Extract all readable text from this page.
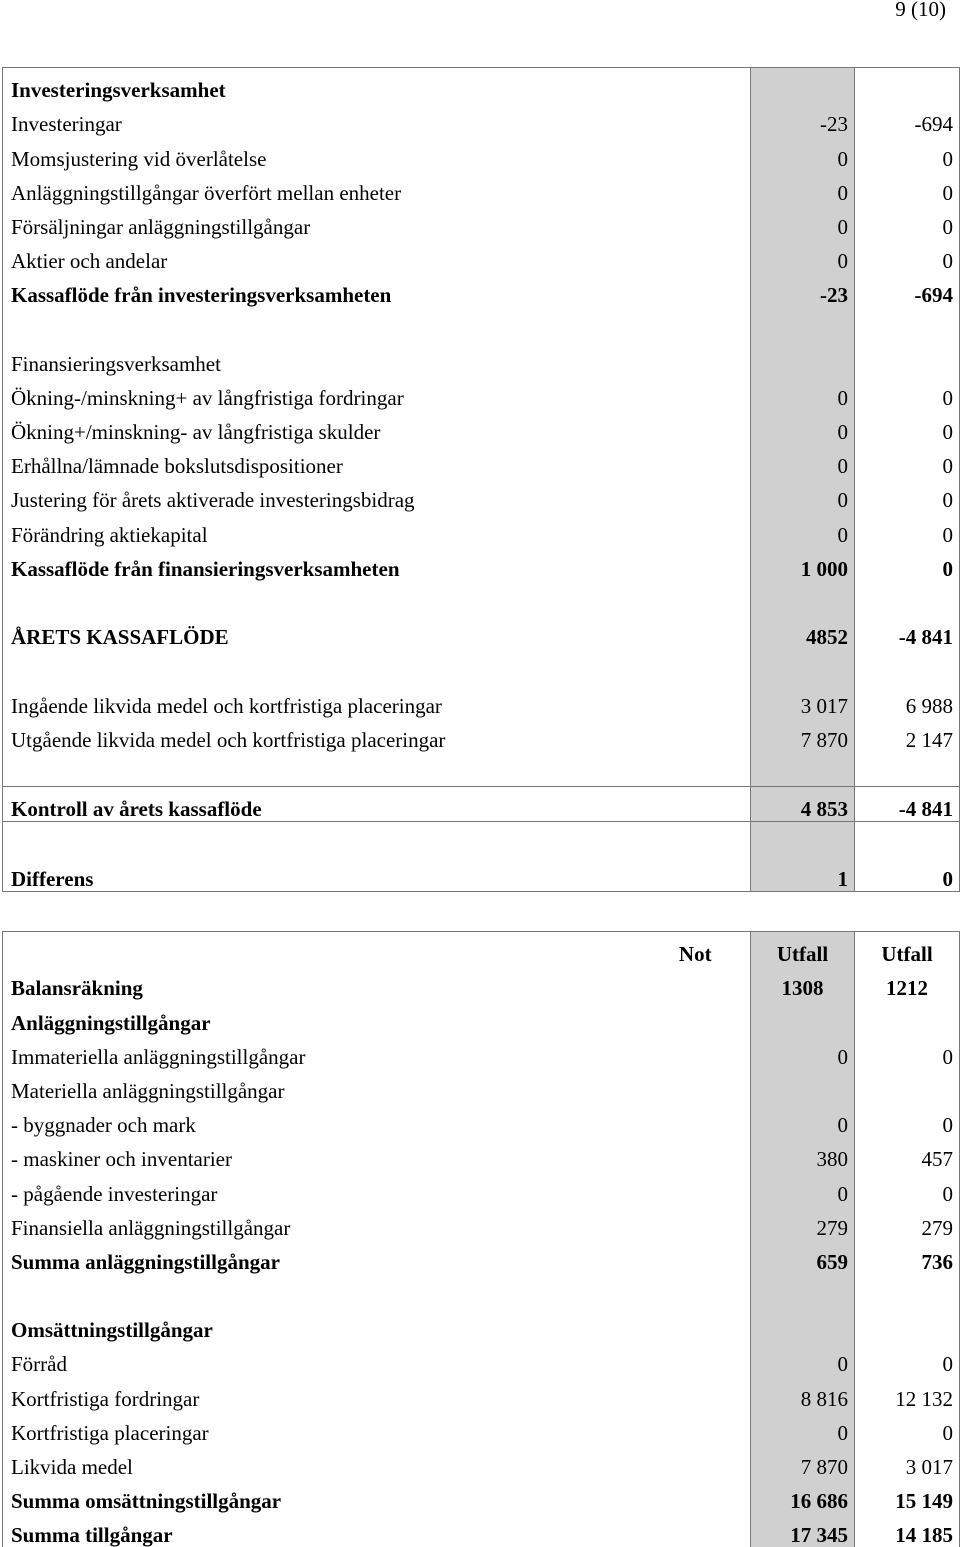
9 (10)
Investeringsverksamhet			
Investeringar		-23	-694
Momsjustering vid överlåtelse		0	0
Anläggningstillgångar överfört mellan enheter		0	0
Försäljningar anläggningstillgångar		0	0
Aktier och andelar		0	0
Kassaflöde från investeringsverksamheten		-23	-694

Finansieringsverksamhet			
Ökning-/minskning+ av långfristiga fordringar		0	0
Ökning+/minskning- av långfristiga skulder		0	0
Erhållna/lämnade bokslutsdispositioner		0	0
Justering för årets aktiverade investeringsbidrag		0	0
Förändring aktiekapital		0	0
Kassaflöde från finansieringsverksamheten		1 000	0

ÅRETS KASSAFLÖDE		4852	-4 841

Ingående likvida medel och kortfristiga placeringar		3 017	6 988
Utgående likvida medel och kortfristiga placeringar		7 870	2 147

Kontroll av årets kassaflöde		4 853	-4 841

Differens		1	0
	Not	Utfall	Utfall
Balansräkning		1308	1212
Anläggningstillgångar			
Immateriella anläggningstillgångar		0	0
Materiella anläggningstillgångar			
- byggnader och mark		0	0
- maskiner och inventarier		380	457
- pågående investeringar		0	0
Finansiella anläggningstillgångar		279	279
Summa anläggningstillgångar		659	736

Omsättningstillgångar			
Förråd		0	0
Kortfristiga fordringar		8 816	12 132
Kortfristiga placeringar		0	0
Likvida medel		7 870	3 017
Summa omsättningstillgångar		16 686	15 149
Summa tillgångar		17 345	14 185
